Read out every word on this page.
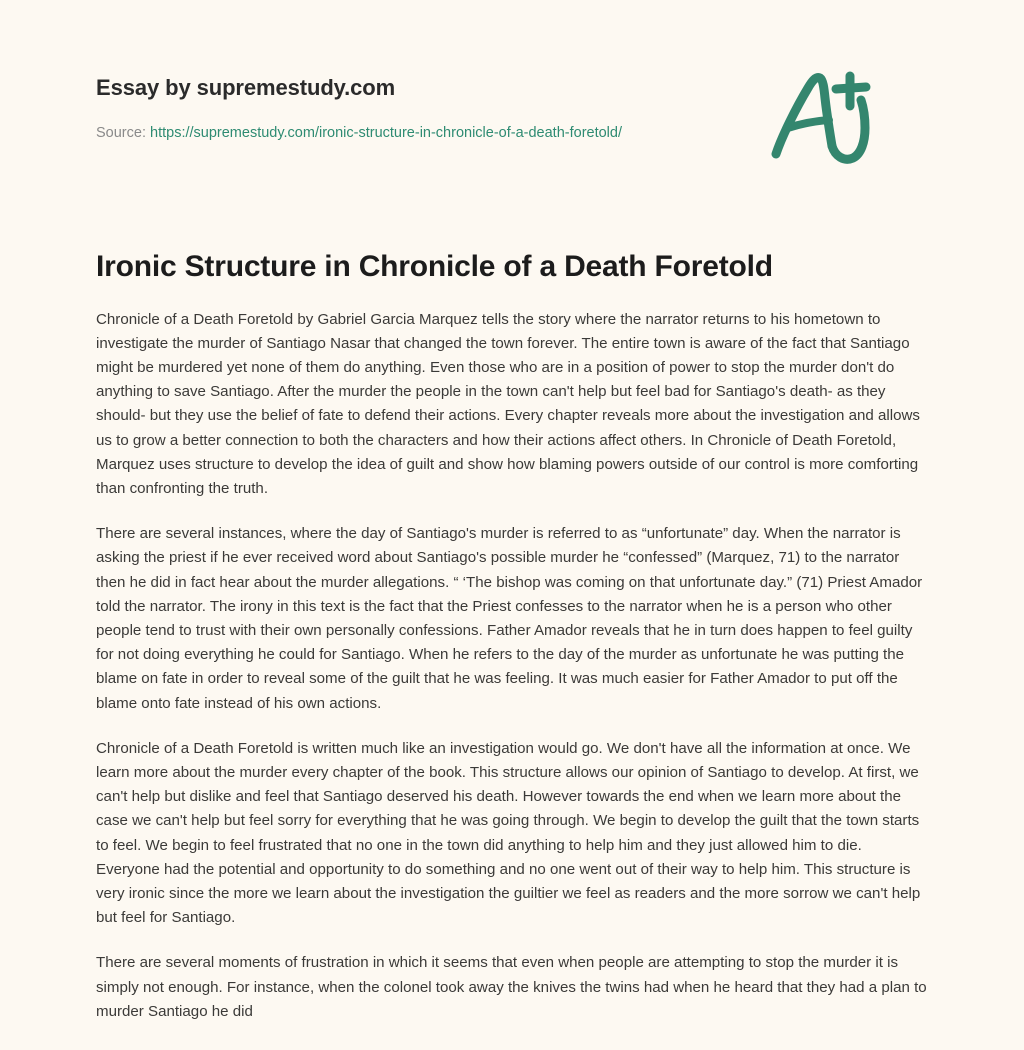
Essay by supremestudy.com
Source: https://supremestudy.com/ironic-structure-in-chronicle-of-a-death-foretold/
Ironic Structure in Chronicle of a Death Foretold

Chronicle of a Death Foretold by Gabriel Garcia Marquez tells the story where the narrator returns to his hometown to investigate the murder of Santiago Nasar that changed the town forever. The entire town is aware of the fact that Santiago might be murdered yet none of them do anything. Even those who are in a position of power to stop the murder don't do anything to save Santiago. After the murder the people in the town can't help but feel bad for Santiago's death- as they should- but they use the belief of fate to defend their actions. Every chapter reveals more about the investigation and allows us to grow a better connection to both the characters and how their actions affect others. In Chronicle of Death Foretold, Marquez uses structure to develop the idea of guilt and show how blaming powers outside of our control is more comforting than confronting the truth.

There are several instances, where the day of Santiago's murder is referred to as “unfortunate” day. When the narrator is asking the priest if he ever received word about Santiago's possible murder he “confessed” (Marquez, 71) to the narrator then he did in fact hear about the murder allegations. “ ‘The bishop was coming on that unfortunate day.” (71) Priest Amador told the narrator. The irony in this text is the fact that the Priest confesses to the narrator when he is a person who other people tend to trust with their own personally confessions. Father Amador reveals that he in turn does happen to feel guilty for not doing everything he could for Santiago. When he refers to the day of the murder as unfortunate he was putting the blame on fate in order to reveal some of the guilt that he was feeling. It was much easier for Father Amador to put off the blame onto fate instead of his own actions.

Chronicle of a Death Foretold is written much like an investigation would go. We don't have all the information at once. We learn more about the murder every chapter of the book. This structure allows our opinion of Santiago to develop. At first, we can't help but dislike and feel that Santiago deserved his death. However towards the end when we learn more about the case we can't help but feel sorry for everything that he was going through. We begin to develop the guilt that the town starts to feel. We begin to feel frustrated that no one in the town did anything to help him and they just allowed him to die. Everyone had the potential and opportunity to do something and no one went out of their way to help him. This structure is very ironic since the more we learn about the investigation the guiltier we feel as readers and the more sorrow we can't help but feel for Santiago.

There are several moments of frustration in which it seems that even when people are attempting to stop the murder it is simply not enough. For instance, when the colonel took away the knives the twins had when he heard that they had a plan to murder Santiago he did
